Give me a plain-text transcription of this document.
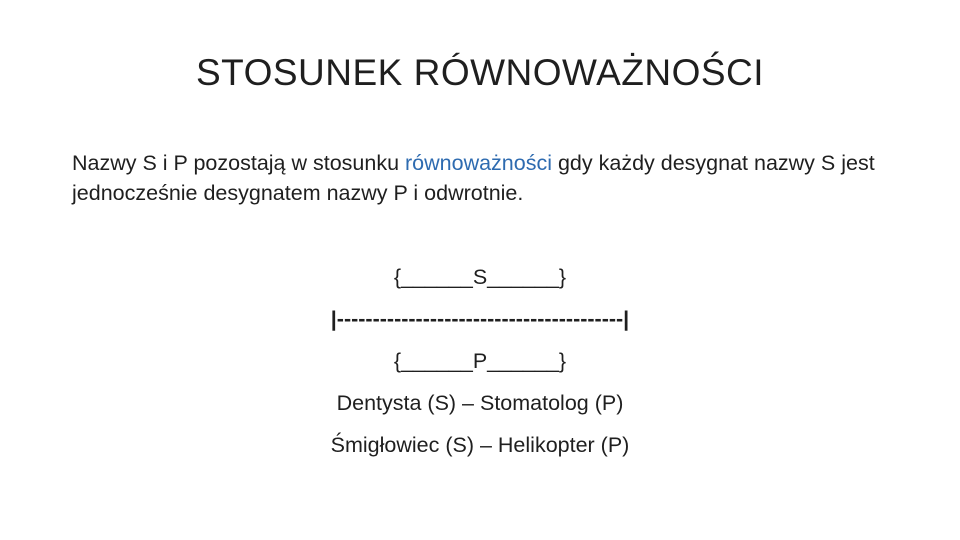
STOSUNEK RÓWNOWAŻNOŚCI
Nazwy S i P pozostają w stosunku równoważności gdy każdy desygnat nazwy S jest jednocześnie desygnatem nazwy P i odwrotnie.
{______S______}
|----------------------------------------|
{______P______}
Dentysta (S) – Stomatolog (P)
Śmigłowiec (S) – Helikopter (P)
